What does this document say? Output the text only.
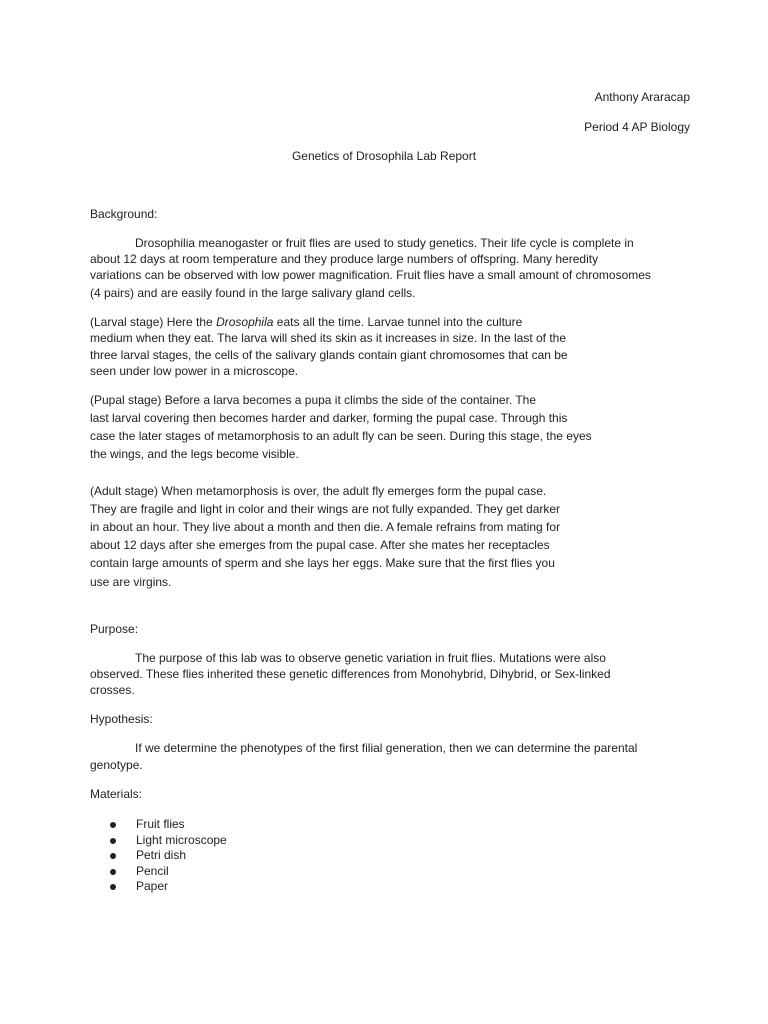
Anthony Araracap
Period 4 AP Biology
Genetics of Drosophila Lab Report
Background:
Drosophilia meanogaster or fruit flies are used to study genetics. Their life cycle is complete in
about 12 days at room temperature and they produce large numbers of offspring. Many heredity
variations can be observed with low power magnification. Fruit flies have a small amount of chromosomes
(4 pairs) and are easily found in the large salivary gland cells.
(Larval stage) Here the Drosophila eats all the time. Larvae tunnel into the culture
medium when they eat. The larva will shed its skin as it increases in size. In the last of the
three larval stages, the cells of the salivary glands contain giant chromosomes that can be
seen under low power in a microscope.
(Pupal stage) Before a larva becomes a pupa it climbs the side of the container. The
last larval covering then becomes harder and darker, forming the pupal case. Through this
case the later stages of metamorphosis to an adult fly can be seen. During this stage, the eyes
the wings, and the legs become visible.
(Adult stage) When metamorphosis is over, the adult fly emerges form the pupal case.
They are fragile and light in color and their wings are not fully expanded. They get darker
in about an hour. They live about a month and then die. A female refrains from mating for
about 12 days after she emerges from the pupal case. After she mates her receptacles
contain large amounts of sperm and she lays her eggs. Make sure that the first flies you
use are virgins.
Purpose:
The purpose of this lab was to observe genetic variation in fruit flies. Mutations were also
observed. These flies inherited these genetic differences from Monohybrid, Dihybrid, or Sex-linked
crosses.
Hypothesis:
If we determine the phenotypes of the first filial generation, then we can determine the parental
genotype.
Materials:
Fruit flies
Light microscope
Petri dish
Pencil
Paper
